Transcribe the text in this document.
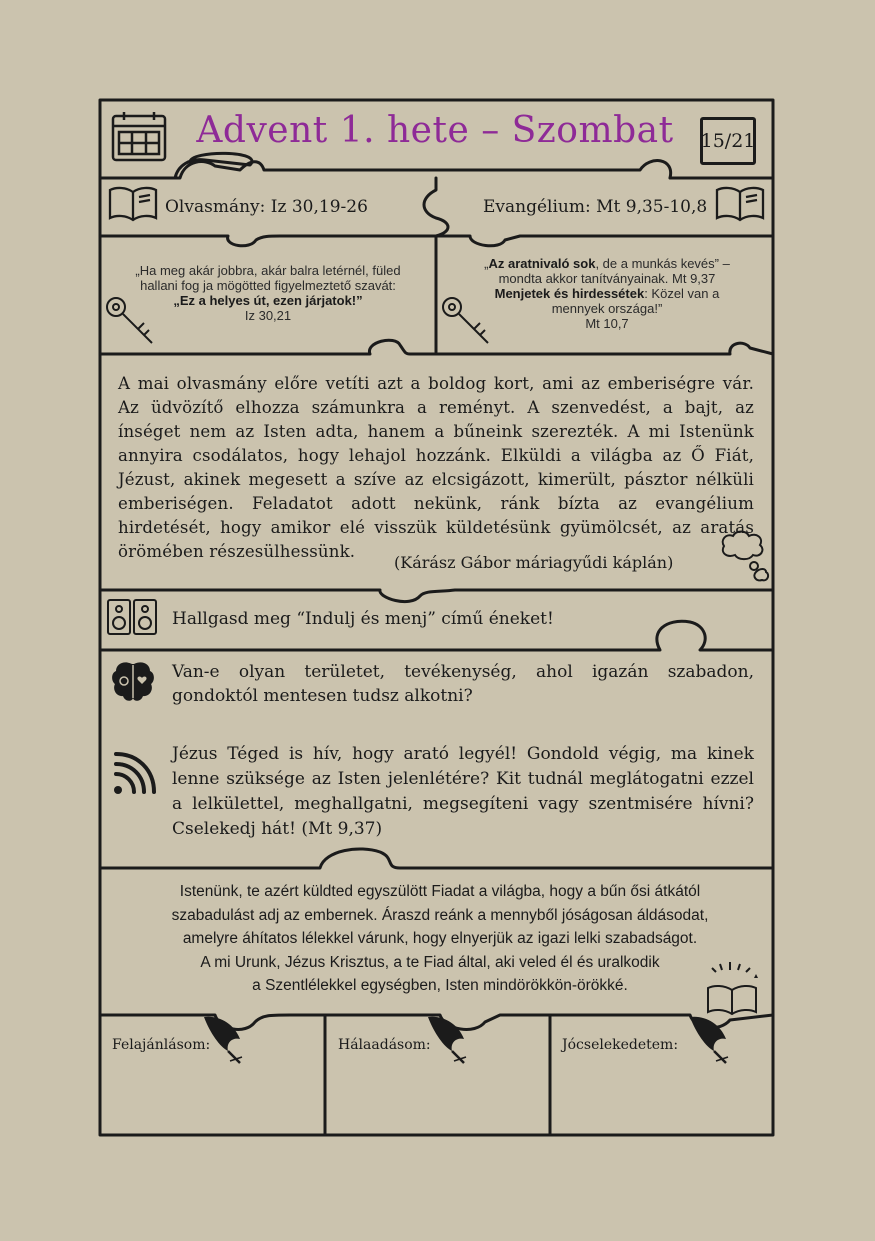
Advent 1. hete – Szombat	15/21
Olvasmány: Iz 30,19-26	Evangélium: Mt 9,35-10,8
„Ha meg akár jobbra, akár balra letérnél, füled
hallani fog ja mögötted figyelmeztető szavát:
„Ez a helyes út, ezen járjatok!”
Iz 30,21
„Az aratnivaló sok, de a munkás kevés” –
mondta akkor tanítványainak. Mt 9,37
Menjetek és hirdessétek: Közel van a
mennyek országa!”
Mt 10,7
A mai olvasmány előre vetíti azt a boldog kort, ami az emberiségre vár. Az üdvözítő elhozza számunkra a reményt. A szenvedést, a bajt, az ínséget nem az Isten adta, hanem a bűneink szerezték. A mi Istenünk annyira csodálatos, hogy lehajol hozzánk. Elküldi a világba az Ő Fiát, Jézust, akinek megesett a szíve az elcsigázott, kimerült, pásztor nélküli emberiségen. Feladatot adott nekünk, ránk bízta az evangélium hirdetését, hogy amikor elé visszük küldetésünk gyümölcsét, az aratás örömében részesülhessünk.
(Kárász Gábor máriagyűdi káplán)
Hallgasd meg “Indulj és menj” című éneket!
Van-e olyan területet, tevékenység, ahol igazán szabadon, gondoktól mentesen tudsz alkotni?
Jézus Téged is hív, hogy arató legyél! Gondold végig, ma kinek lenne szüksége az Isten jelenlétére? Kit tudnál meglátogatni ezzel a lelkülettel, meghallgatni, megsegíteni vagy szentmisére hívni? Cselekedj hát! (Mt 9,37)
Istenünk, te azért küldted egyszülött Fiadat a világba, hogy a bűn ősi átkától
szabadulást adj az embernek. Áraszd reánk a mennyből jóságosan áldásodat,
amelyre áhítatos lélekkel várunk, hogy elnyerjük az igazi lelki szabadságot.
A mi Urunk, Jézus Krisztus, a te Fiad által, aki veled él és uralkodik
a Szentlélekkel egységben, Isten mindörökkön-örökké.
Felajánlásom:	Hálaadásom:	Jócselekedetem:
